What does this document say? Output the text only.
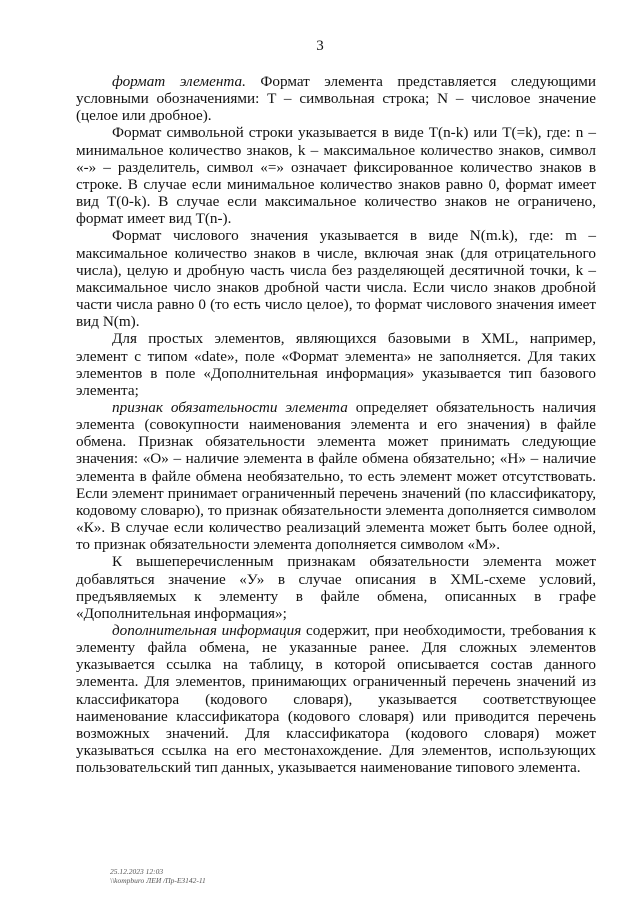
3

формат элемента. Формат элемента представляется следующими условными обозначениями: T – символьная строка; N – числовое значение (целое или дробное).

Формат символьной строки указывается в виде T(n-k) или T(=k), где: n – минимальное количество знаков, k – максимальное количество знаков, символ «-» – разделитель, символ «=» означает фиксированное количество знаков в строке. В случае если минимальное количество знаков равно 0, формат имеет вид T(0-k). В случае если максимальное количество знаков не ограничено, формат имеет вид T(n-).

Формат числового значения указывается в виде N(m.k), где: m – максимальное количество знаков в числе, включая знак (для отрицательного числа), целую и дробную часть числа без разделяющей десятичной точки, k – максимальное число знаков дробной части числа. Если число знаков дробной части числа равно 0 (то есть число целое), то формат числового значения имеет вид N(m).

Для простых элементов, являющихся базовыми в XML, например, элемент с типом «date», поле «Формат элемента» не заполняется. Для таких элементов в поле «Дополнительная информация» указывается тип базового элемента;

признак обязательности элемента определяет обязательность наличия элемента (совокупности наименования элемента и его значения) в файле обмена. Признак обязательности элемента может принимать следующие значения: «О» – наличие элемента в файле обмена обязательно; «Н» – наличие элемента в файле обмена необязательно, то есть элемент может отсутствовать. Если элемент принимает ограниченный перечень значений (по классификатору, кодовому словарю), то признак обязательности элемента дополняется символом «К». В случае если количество реализаций элемента может быть более одной, то признак обязательности элемента дополняется символом «М».

К вышеперечисленным признакам обязательности элемента может добавляться значение «У» в случае описания в XML-схеме условий, предъявляемых к элементу в файле обмена, описанных в графе «Дополнительная информация»;

дополнительная информация содержит, при необходимости, требования к элементу файла обмена, не указанные ранее. Для сложных элементов указывается ссылка на таблицу, в которой описывается состав данного элемента. Для элементов, принимающих ограниченный перечень значений из классификатора (кодового словаря), указывается соответствующее наименование классификатора (кодового словаря) или приводится перечень возможных значений. Для классификатора (кодового словаря) может указываться ссылка на его местонахождение. Для элементов, использующих пользовательский тип данных, указывается наименование типового элемента.

25.12.2023 12:03
\\kompburo ЛЕИ /Пр-ЕЗ142-11
